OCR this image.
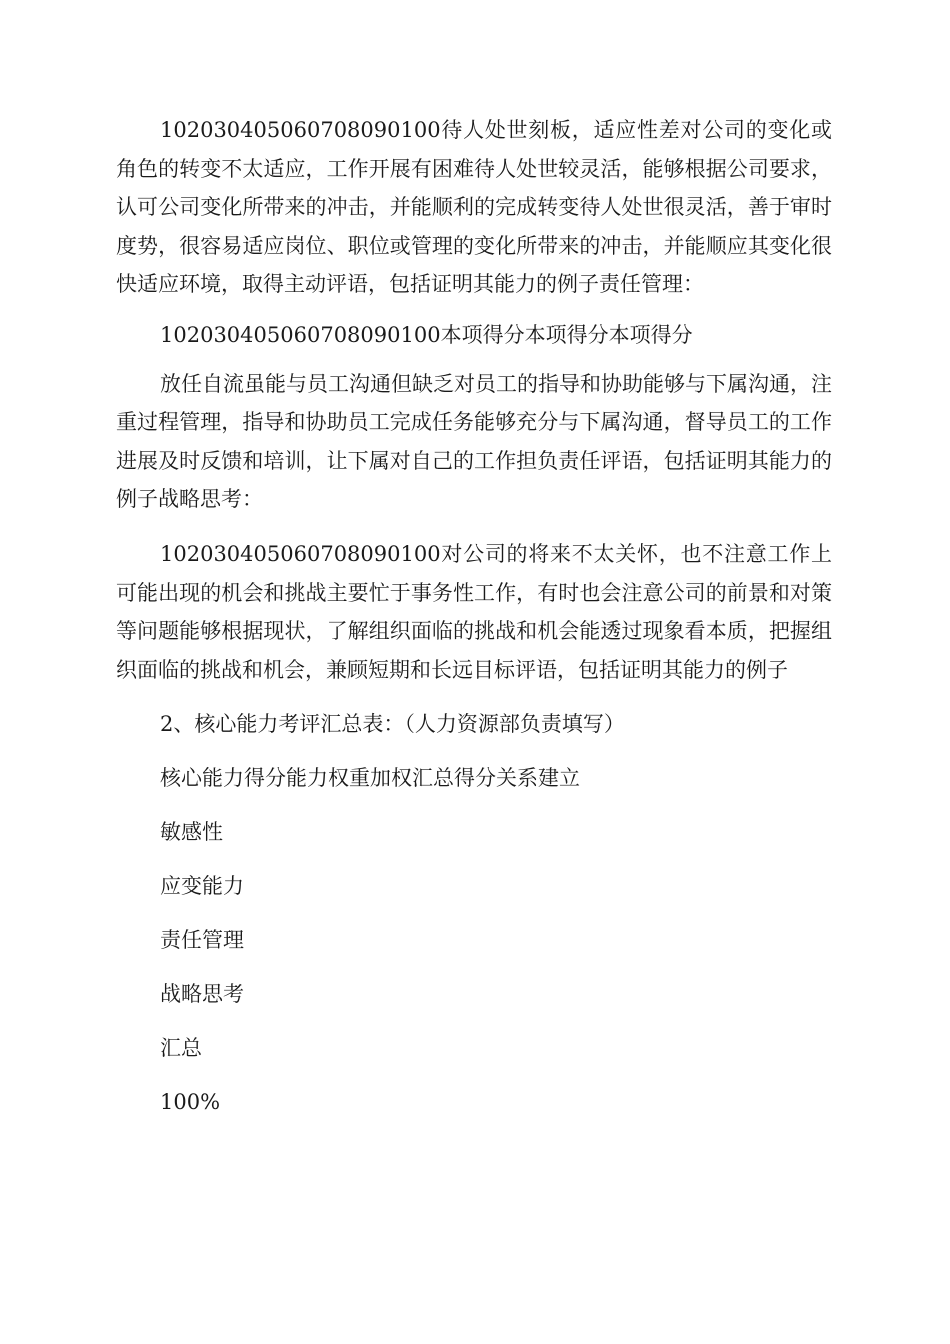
102030405060708090100待人处世刻板，适应性差对公司的变化或角色的转变不太适应，工作开展有困难待人处世较灵活，能够根据公司要求，认可公司变化所带来的冲击，并能顺利的完成转变待人处世很灵活，善于审时度势，很容易适应岗位、职位或管理的变化所带来的冲击，并能顺应其变化很快适应环境，取得主动评语，包括证明其能力的例子责任管理：

102030405060708090100本项得分本项得分本项得分

放任自流虽能与员工沟通但缺乏对员工的指导和协助能够与下属沟通，注重过程管理，指导和协助员工完成任务能够充分与下属沟通，督导员工的工作进展及时反馈和培训，让下属对自己的工作担负责任评语，包括证明其能力的例子战略思考：

102030405060708090100对公司的将来不太关怀，也不注意工作上可能出现的机会和挑战主要忙于事务性工作，有时也会注意公司的前景和对策等问题能够根据现状，了解组织面临的挑战和机会能透过现象看本质，把握组织面临的挑战和机会，兼顾短期和长远目标评语，包括证明其能力的例子

2、核心能力考评汇总表：（人力资源部负责填写）

核心能力得分能力权重加权汇总得分关系建立

敏感性

应变能力

责任管理

战略思考

汇总

100%
